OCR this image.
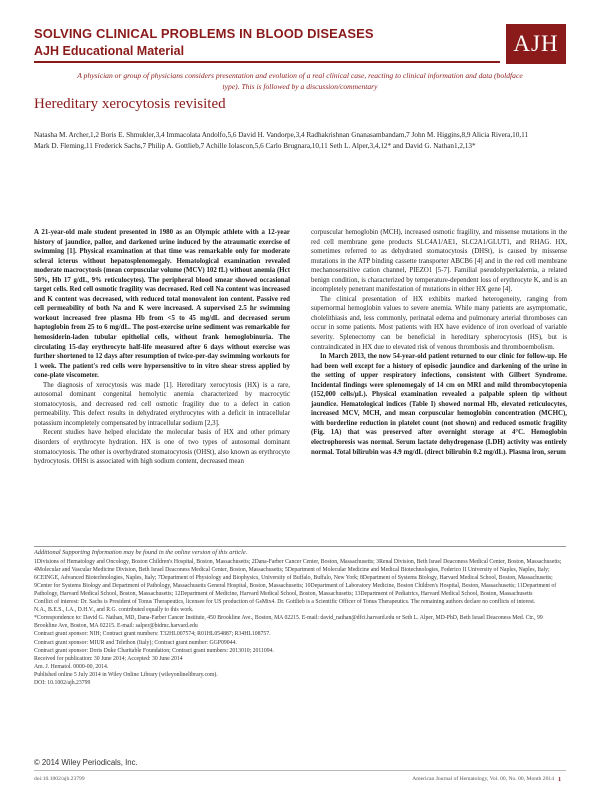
SOLVING CLINICAL PROBLEMS IN BLOOD DISEASES
AJH Educational Material	AJH
A physician or group of physicians considers presentation and evolution of a real clinical case, reacting to clinical information and data (boldface type). This is followed by a discussion/commentary
Hereditary xerocytosis revisited
Natasha M. Archer,1,2 Boris E. Shmukler,3,4 Immacolata Andolfo,5,6 David H. Vandorpe,3,4 Radhakrishnan Gnanasambandam,7 John M. Higgins,8,9 Alicia Rivera,10,11 Mark D. Fleming,11 Frederick Sachs,7 Philip A. Gottlieb,7 Achille Iolascon,5,6 Carlo Brugnara,10,11 Seth L. Alper,3,4,12* and David G. Nathan1,2,13*

A 21-year-old male student presented in 1980 as an Olympic athlete with a 12-year history of jaundice, pallor, and darkened urine induced by the atraumatic exercise of swimming [1]. Physical examination at that time was remarkable only for moderate scleral icterus without hepatosplenomegaly. Hematological examination revealed moderate macrocytosis (mean corpuscular volume (MCV) 102 fL) without anemia (Hct 50%, Hb 17 g/dL, 9% reticulocytes). The peripheral blood smear showed occasional target cells. Red cell osmotic fragility was decreased. Red cell Na content was increased and K content was decreased, with reduced total monovalent ion content. Passive red cell permeability of both Na and K were increased. A supervised 2.5 hr swimming workout increased free plasma Hb from <5 to 45 mg/dL and decreased serum haptoglobin from 25 to 6 mg/dL. The post-exercise urine sediment was remarkable for hemosiderin-laden tubular epithelial cells, without frank hemoglobinuria. The circulating 15-day erythrocyte half-life measured after 6 days without exercise was further shortened to 12 days after resumption of twice-per-day swimming workouts for 1 week. The patient's red cells were hypersensitive to in vitro shear stress applied by cone-plate viscometer.

The diagnosis of xerocytosis was made [1]. Hereditary xerocytosis (HX) is a rare, autosomal dominant congenital hemolytic anemia characterized by macrocytic stomatocytosis, and decreased red cell osmotic fragility due to a defect in cation permeability. This defect results in dehydrated erythrocytes with a deficit in intracellular potassium incompletely compensated by intracellular sodium [2,3].

Recent studies have helped elucidate the molecular basis of HX and other primary disorders of erythrocyte hydration. HX is one of two types of autosomal dominant stomatocytosis. The other is overhydrated stomatocytosis (OHSt), also known as erythrocyte hydrocytosis. OHSt is associated with high sodium content, decreased mean

corpuscular hemoglobin (MCH), increased osmotic fragility, and missense mutations in the red cell membrane gene products SLC4A1/AE1, SLC2A1/GLUT1, and RHAG. HX, sometimes referred to as dehydrated stomatocytosis (DHSt), is caused by missense mutations in the ATP binding cassette transporter ABCB6 [4] and in the red cell membrane mechanosensitive cation channel, PIEZO1 [5-7]. Familial pseudohyperkalemia, a related benign condition, is characterized by temperature-dependent loss of erythrocyte K, and is an incompletely penetrant manifestation of mutations in either HX gene [4].

The clinical presentation of HX exhibits marked heterogeneity, ranging from supernormal hemoglobin values to severe anemia. While many patients are asymptomatic, cholelithiasis and, less commonly, perinatal edema and pulmonary arterial thromboses can occur in some patients. Most patients with HX have evidence of iron overload of variable severity. Splenectomy can be beneficial in hereditary spherocytosis (HS), but is contraindicated in HX due to elevated risk of venous thrombosis and thromboembolism.

In March 2013, the now 54-year-old patient returned to our clinic for follow-up. He had been well except for a history of episodic jaundice and darkening of the urine in the setting of upper respiratory infections, consistent with Gilbert Syndrome. Incidental findings were splenomegaly of 14 cm on MRI and mild thrombocytopenia (152,000 cells/µL). Physical examination revealed a palpable spleen tip without jaundice. Hematological indices (Table I) showed normal Hb, elevated reticulocytes, increased MCV, MCH, and mean corpuscular hemoglobin concentration (MCHC), with borderline reduction in platelet count (not shown) and reduced osmotic fragility (Fig. 1A) that was preserved after overnight storage at 4°C. Hemoglobin electrophoresis was normal. Serum lactate dehydrogenase (LDH) activity was entirely normal. Total bilirubin was 4.9 mg/dL (direct bilirubin 0.2 mg/dL). Plasma iron, serum

Additional Supporting Information may be found in the online version of this article.

1Divisions of Hematology and Oncology, Boston Children's Hospital, Boston, Massachusetts; 2Dana-Farber Cancer Center, Boston, Massachusetts; 3Renal Division, Beth Israel Deaconess Medical Center, Boston, Massachusetts; 4Molecular and Vascular Medicine Division, Beth Israel Deaconess Medical Center, Boston, Massachusetts; 5Department of Molecular Medicine and Medical Biotechnologies, Federico II University of Naples, Naples, Italy; 6CEINGE, Advanced Biotechnologies, Naples, Italy; 7Department of Physiology and Biophysics, University of Buffalo, Buffalo, New York; 8Department of Systems Biology, Harvard Medical School, Boston, Massachusetts; 9Center for Systems Biology and Department of Pathology, Massachusetts General Hospital, Boston, Massachusetts; 10Department of Laboratory Medicine, Boston Children's Hospital, Boston, Massachusetts; 11Department of Pathology, Harvard Medical School, Boston, Massachusetts; 12Department of Medicine, Harvard Medical School, Boston, Massachusetts; 13Department of Pediatrics, Harvard Medical School, Boston, Massachusetts

Conflict of interest: Dr. Sachs is President of Tonus Therapeutics, licensee for US production of GsMtx4. Dr. Gottlieb is a Scientific Officer of Tonus Therapeutics. The remaining authors declare no conflicts of interest.

N.A., B.E.S., I.A., D.H.V., and R.G. contributed equally to this work.

*Correspondence to: David G. Nathan, MD, Dana-Farber Cancer Institute, 450 Brookline Ave., Boston, MA 02215. E-mail: david_nathan@dfci.harvard.edu or Seth L. Alper, MD-PhD, Beth Israel Deaconess Med. Ctr., 99 Brookline Ave, Boston, MA 02215. E-mail: salper@bidmc.harvard.edu

Contract grant sponsor: NIH; Contract grant numbers: T32HL007574; R01HL054887; R34HL108757.

Contract grant sponsor: MIUR and Telethon (Italy); Contract grant number: GGP09044.

Contract grant sponsor: Doris Duke Charitable Foundation; Contract grant numbers: 2013010; 2011094.

Received for publication: 30 June 2014; Accepted: 30 June 2014

Am. J. Hematol. 0000-00, 2014.

Published online 5 July 2014 in Wiley Online Library (wileyonlinelibrary.com).

DOI: 10.1002/ajh.23799

© 2014 Wiley Periodicals, Inc.
doi:10.1002/ajh.23799	American Journal of Hematology, Vol. 00, No. 00, Month 2014 1
